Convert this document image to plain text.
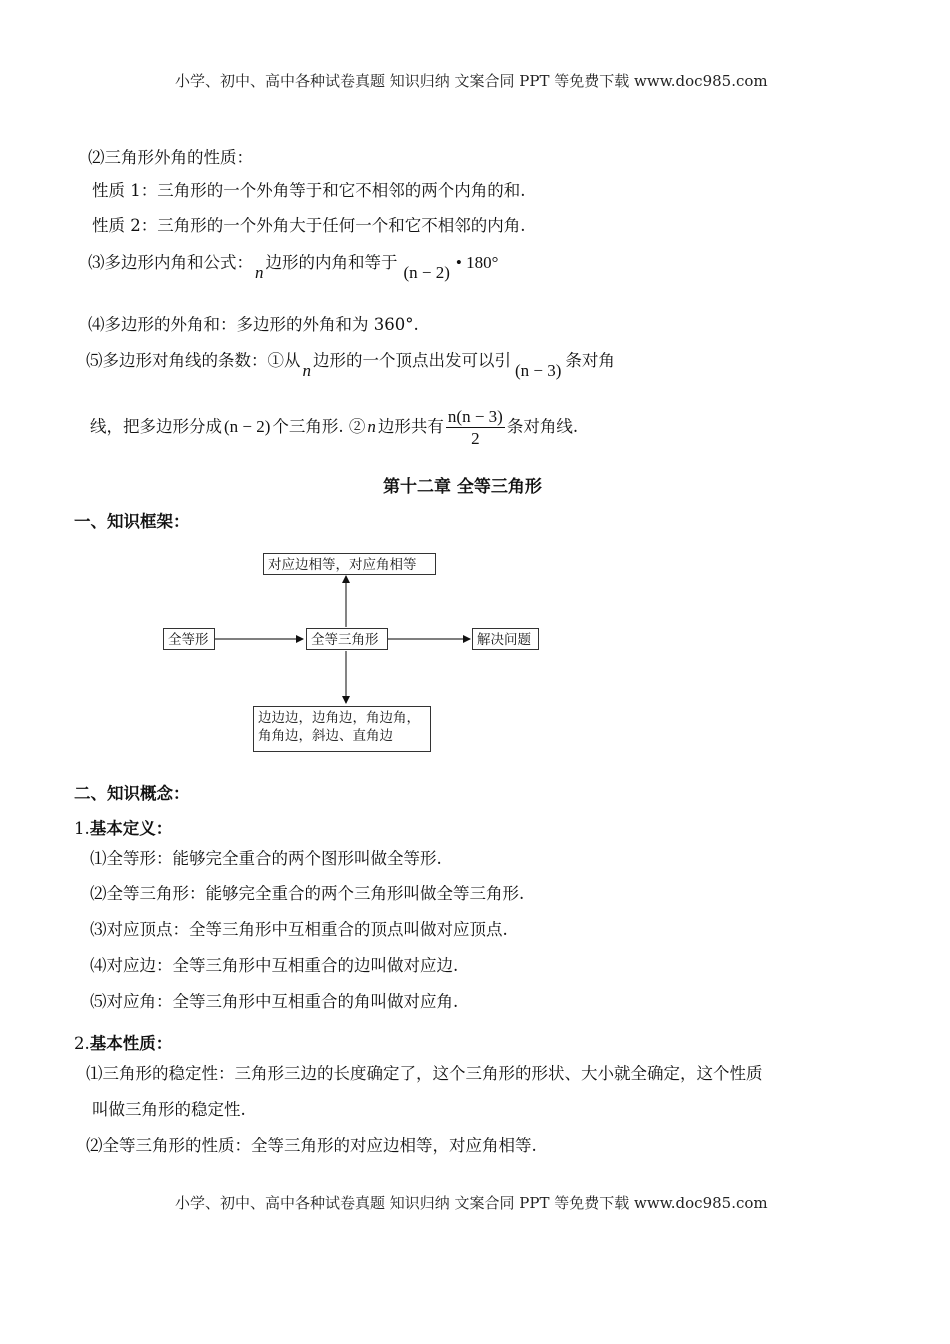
小学、初中、高中各种试卷真题 知识归纳 文案合同 PPT 等免费下载 www.doc985.com
⑵三角形外角的性质：
性质 1：三角形的一个外角等于和它不相邻的两个内角的和.
性质 2：三角形的一个外角大于任何一个和它不相邻的内角.
⑶多边形内角和公式：n边形的内角和等于(n − 2)• 180°
⑷多边形的外角和：多边形的外角和为 360°.
⑸多边形对角线的条数：①从n边形的一个顶点出发可以引(n − 3)条对角
线，把多边形分成 (n − 2) 个三角形. ② n 边形共有 $\frac{n(n - 3)}{2}$ 条对角线.
第十二章 全等三角形
一、知识框架：
对应边相等，对应角相等
全等形	全等三角形	解决问题
边边边，边角边，角边角，
角角边，斜边、直角边
二、知识概念：
1.基本定义：
⑴全等形：能够完全重合的两个图形叫做全等形.
⑵全等三角形：能够完全重合的两个三角形叫做全等三角形.
⑶对应顶点：全等三角形中互相重合的顶点叫做对应顶点.
⑷对应边：全等三角形中互相重合的边叫做对应边.
⑸对应角：全等三角形中互相重合的角叫做对应角.
2.基本性质：
⑴三角形的稳定性：三角形三边的长度确定了，这个三角形的形状、大小就全确定，这个性质
叫做三角形的稳定性.
⑵全等三角形的性质：全等三角形的对应边相等，对应角相等.
小学、初中、高中各种试卷真题 知识归纳 文案合同 PPT 等免费下载 www.doc985.com
